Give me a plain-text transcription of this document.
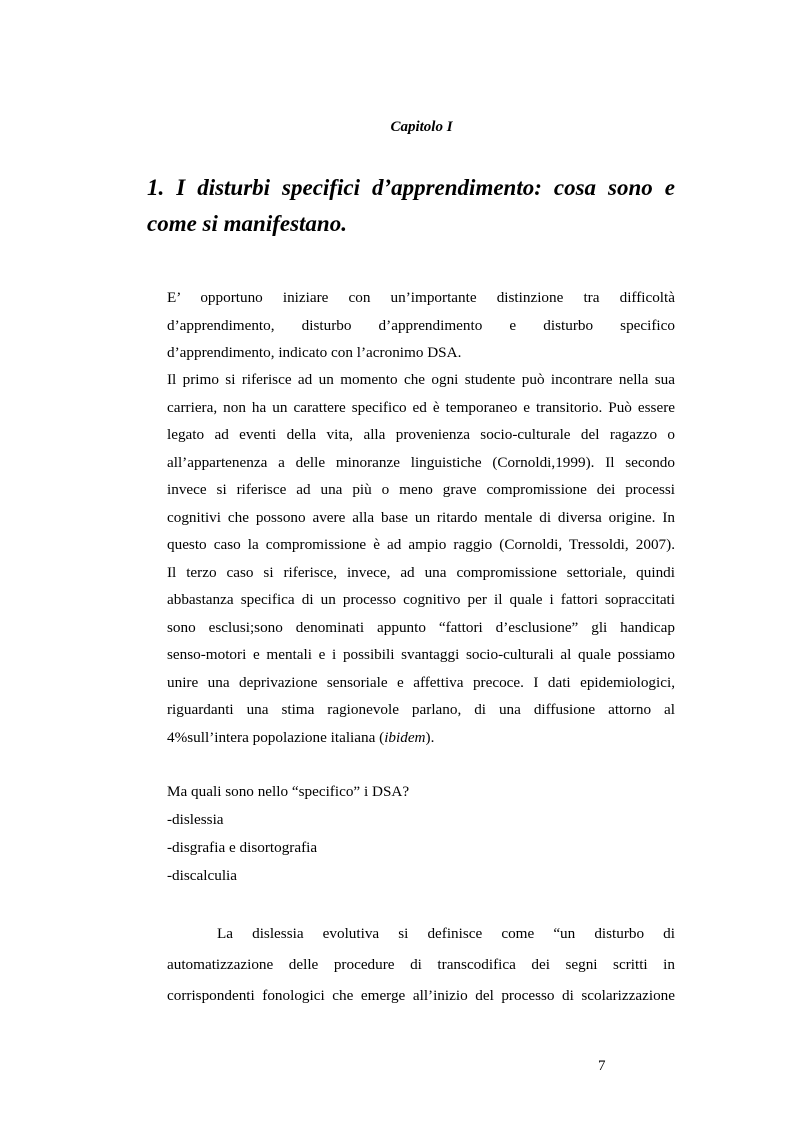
Capitolo I
1. I disturbi specifici d’apprendimento: cosa sono e come si manifestano.
E’ opportuno iniziare con un’importante distinzione tra difficoltà
d’apprendimento, disturbo d’apprendimento e disturbo specifico
d’apprendimento, indicato con l’acronimo DSA.
Il primo si riferisce ad un momento che ogni studente può incontrare nella sua
carriera, non ha un carattere specifico ed è temporaneo e transitorio. Può essere
legato ad eventi della vita, alla provenienza socio-culturale del ragazzo o
all’appartenenza a delle minoranze linguistiche (Cornoldi,1999). Il secondo
invece si riferisce ad una più o meno grave compromissione dei processi
cognitivi che possono avere alla base un ritardo mentale di diversa origine. In
questo caso la compromissione è ad ampio raggio (Cornoldi, Tressoldi, 2007).
Il terzo caso si riferisce, invece, ad una compromissione settoriale, quindi
abbastanza specifica di un processo cognitivo per il quale i fattori sopraccitati
sono esclusi;sono denominati appunto “fattori d’esclusione” gli handicap
senso-motori e mentali e i possibili svantaggi socio-culturali al quale possiamo
unire una deprivazione sensoriale e affettiva precoce. I dati epidemiologici,
riguardanti una stima ragionevole parlano, di una diffusione attorno al
4%sull’intera popolazione italiana (ibidem).
Ma quali sono nello “specifico” i DSA?
-dislessia
-disgrafia e disortografia
-discalculia
La dislessia evolutiva si definisce come “un disturbo di
automatizzazione delle procedure di transcodifica dei segni scritti in
corrispondenti fonologici che emerge all’inizio del processo di scolarizzazione
7
